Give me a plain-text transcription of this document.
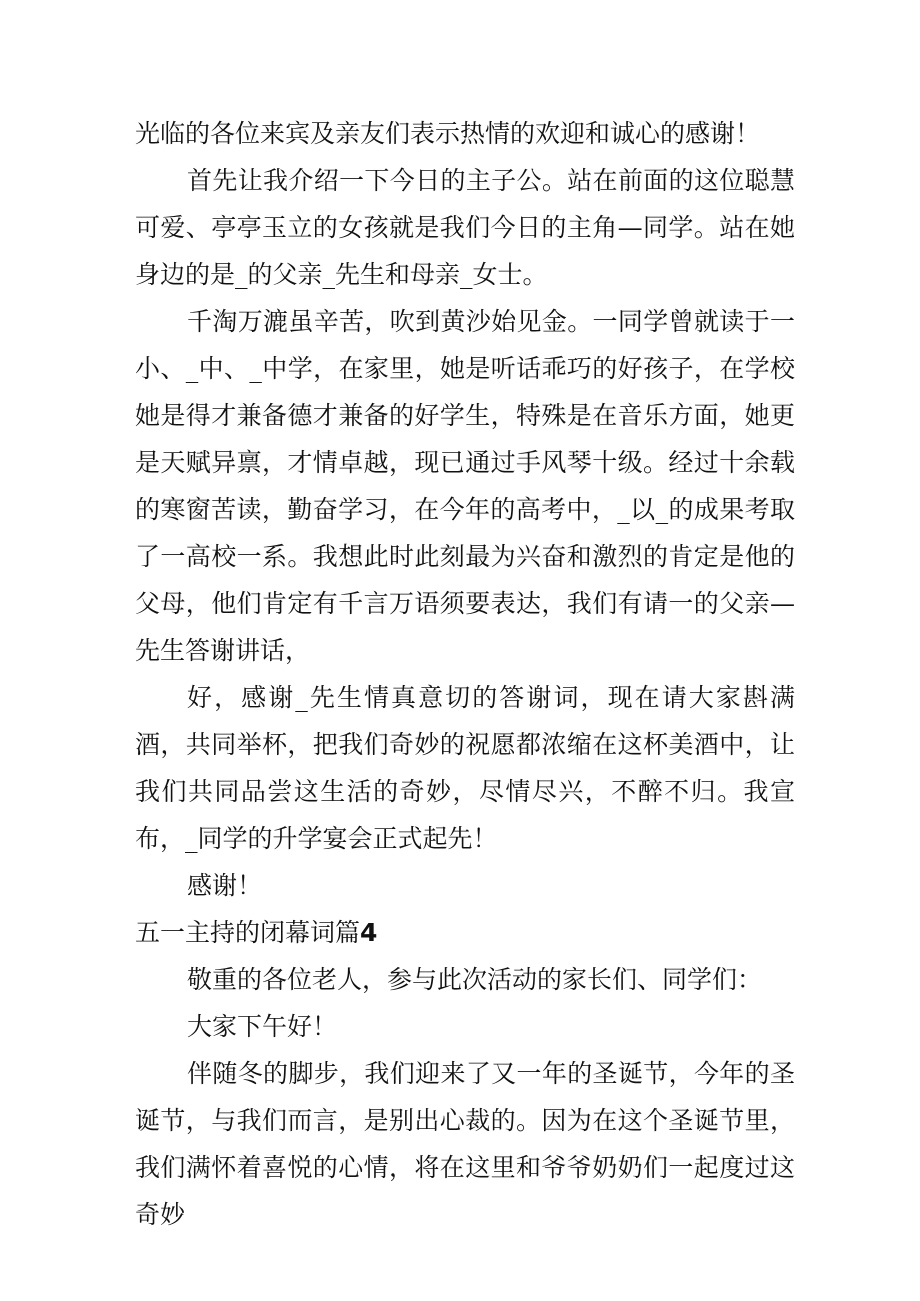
光临的各位来宾及亲友们表示热情的欢迎和诚心的感谢！

首先让我介绍一下今日的主子公。站在前面的这位聪慧可爱、亭亭玉立的女孩就是我们今日的主角—同学。站在她身边的是_的父亲_先生和母亲_女士。

千淘万漉虽辛苦，吹到黄沙始见金。一同学曾就读于一小、_中、_中学，在家里，她是听话乖巧的好孩子，在学校她是得才兼备德才兼备的好学生，特殊是在音乐方面，她更是天赋异禀，才情卓越，现已通过手风琴十级。经过十余载的寒窗苦读，勤奋学习，在今年的高考中，_以_的成果考取了一高校一系。我想此时此刻最为兴奋和激烈的肯定是他的父母，他们肯定有千言万语须要表达，我们有请一的父亲—先生答谢讲话，

好，感谢_先生情真意切的答谢词，现在请大家斟满酒，共同举杯，把我们奇妙的祝愿都浓缩在这杯美酒中，让我们共同品尝这生活的奇妙，尽情尽兴，不醉不归。我宣布，_同学的升学宴会正式起先！

感谢！

五一主持的闭幕词篇4

敬重的各位老人，参与此次活动的家长们、同学们：

大家下午好！

伴随冬的脚步，我们迎来了又一年的圣诞节，今年的圣诞节，与我们而言，是别出心裁的。因为在这个圣诞节里，我们满怀着喜悦的心情，将在这里和爷爷奶奶们一起度过这奇妙
